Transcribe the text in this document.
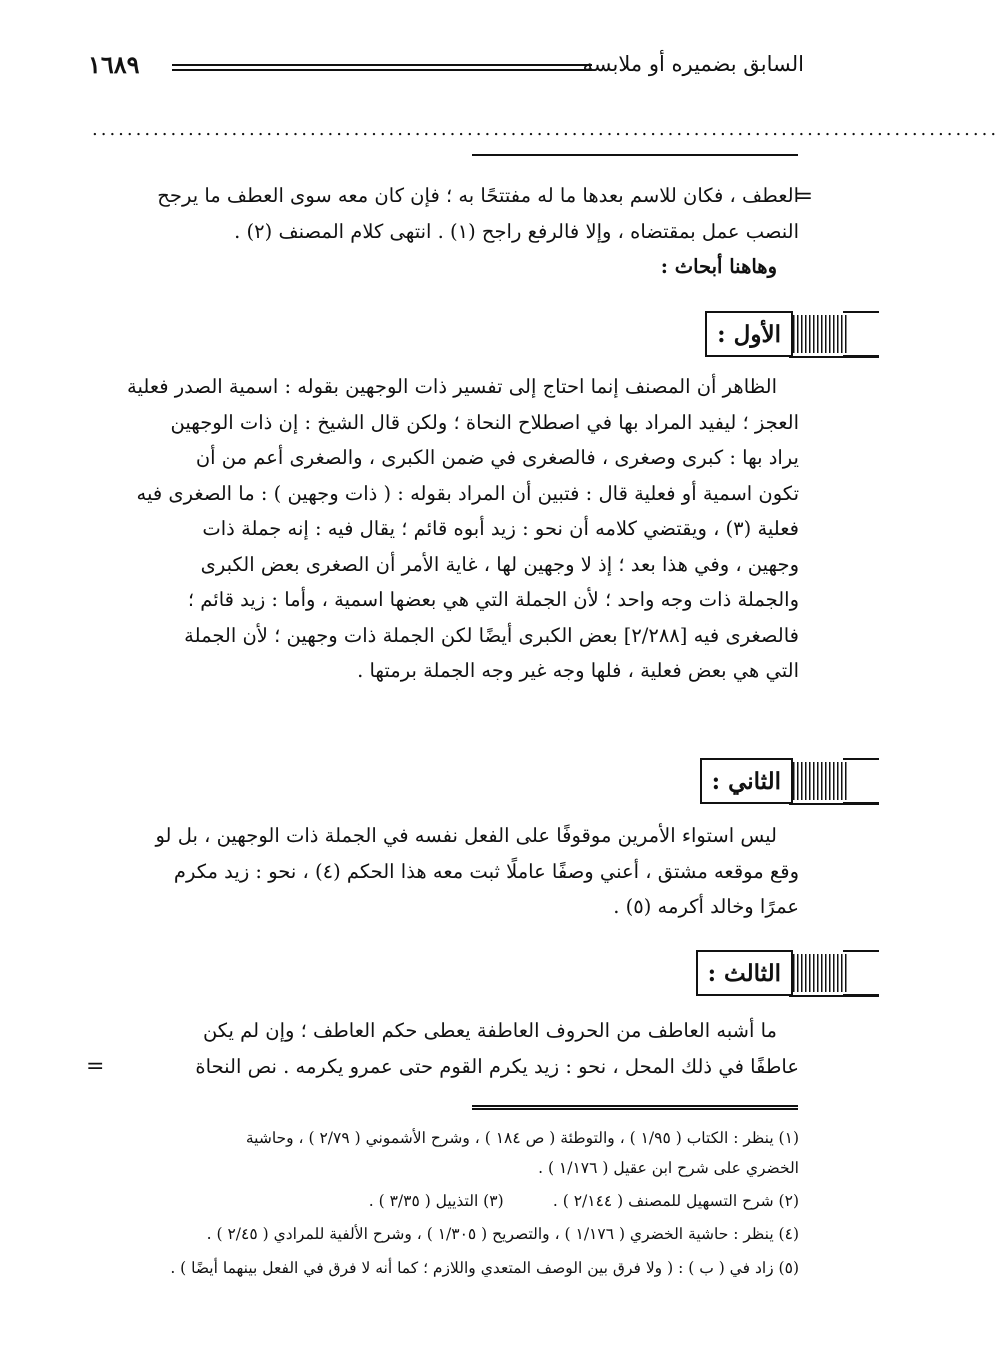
السابق بضميره أو ملابسه
١٦٨٩
........................................................................................................
=
العطف ، فكان للاسم بعدها ما له مفتتحًا به ؛ فإن كان معه سوى العطف ما يرجح
النصب عمل بمقتضاه ، وإلا فالرفع راجح (١) . انتهى كلام المصنف (٢) .
وهاهنا أبحاث :
الأول :
الظاهر أن المصنف إنما احتاج إلى تفسير ذات الوجهين بقوله : اسمية الصدر فعلية
العجز ؛ ليفيد المراد بها في اصطلاح النحاة ؛ ولكن قال الشيخ : إن ذات الوجهين
يراد بها : كبرى وصغرى ، فالصغرى في ضمن الكبرى ، والصغرى أعم من أن
تكون اسمية أو فعلية قال : فتبين أن المراد بقوله : ( ذات وجهين ) : ما الصغرى فيه
فعلية (٣) ، ويقتضي كلامه أن نحو : زيد أبوه قائم ؛ يقال فيه : إنه جملة ذات
وجهين ، وفي هذا بعد ؛ إذ لا وجهين لها ، غاية الأمر أن الصغرى بعض الكبرى
والجملة ذات وجه واحد ؛ لأن الجملة التي هي بعضها اسمية ، وأما : زيد قائم ؛
فالصغرى فيه [٢/٢٨٨] بعض الكبرى أيضًا لكن الجملة ذات وجهين ؛ لأن الجملة
التي هي بعض فعلية ، فلها وجه غير وجه الجملة برمتها .
الثاني :
ليس استواء الأمرين موقوفًا على الفعل نفسه في الجملة ذات الوجهين ، بل لو
وقع موقعه مشتق ، أعني وصفًا عاملًا ثبت معه هذا الحكم (٤) ، نحو : زيد مكرم
عمرًا وخالد أكرمه (٥) .
الثالث :
ما أشبه العاطف من الحروف العاطفة يعطى حكم العاطف ؛ وإن لم يكن
عاطفًا في ذلك المحل ، نحو : زيد يكرم القوم حتى عمرو يكرمه . نص النحاة
=
(١) ينظر : الكتاب ( ١/٩٥ ) ، والتوطئة ( ص ١٨٤ ) ، وشرح الأشموني ( ٢/٧٩ ) ، وحاشية
الخضري على شرح ابن عقيل ( ١/١٧٦ ) .
(٢) شرح التسهيل للمصنف ( ٢/١٤٤ ) .          (٣) التذييل ( ٣/٣٥ ) .
(٤) ينظر : حاشية الخضري ( ١/١٧٦ ) ، والتصريح ( ١/٣٠٥ ) ، وشرح الألفية للمرادي ( ٢/٤٥ ) .
(٥) زاد في ( ب ) : ( ولا فرق بين الوصف المتعدي واللازم ؛ كما أنه لا فرق في الفعل بينهما أيضًا ) .
